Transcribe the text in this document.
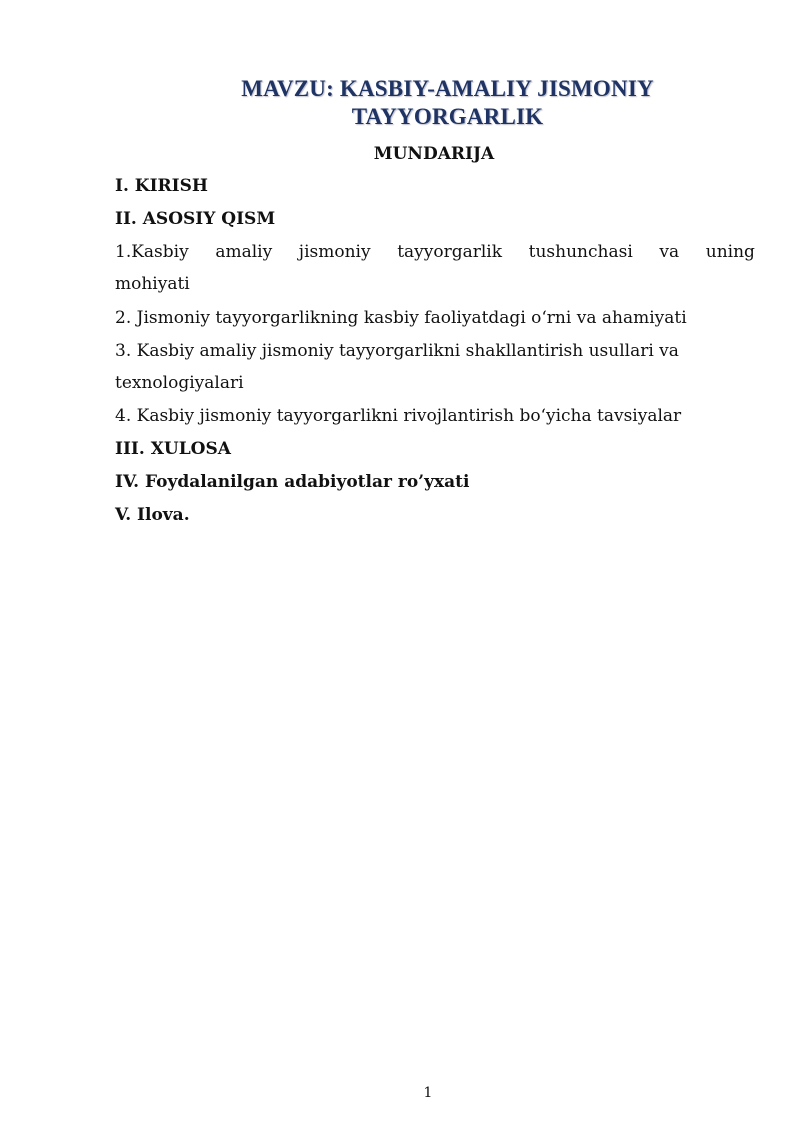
MAVZU: KASBIY-AMALIY JISMONIY
TAYYORGARLIK
MUNDARIJA
I. KIRISH
II. ASOSIY QISM
1.Kasbiy amaliy jismoniy tayyorgarlik tushunchasi va uning
mohiyati
2. Jismoniy tayyorgarlikning kasbiy faoliyatdagi o‘rni va ahamiyati
3. Kasbiy amaliy jismoniy tayyorgarlikni shakllantirish usullari va
texnologiyalari
4. Kasbiy jismoniy tayyorgarlikni rivojlantirish bo‘yicha tavsiyalar
III. XULOSA
IV. Foydalanilgan adabiyotlar ro’yxati
V. Ilova.
1
